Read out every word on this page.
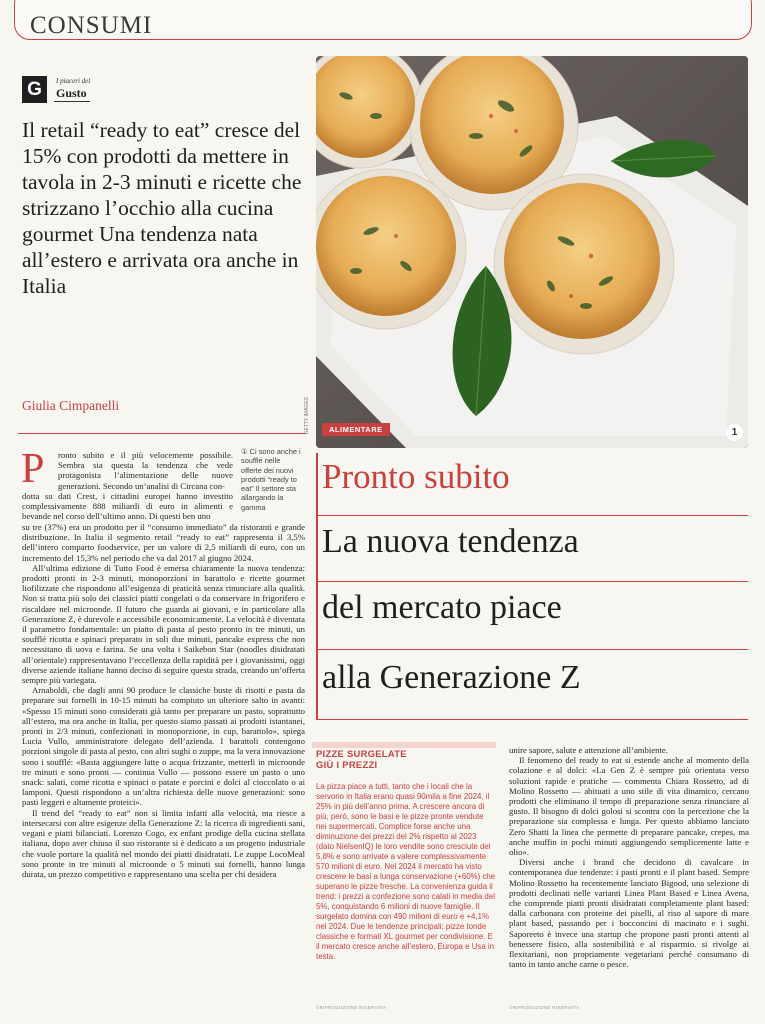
CONSUMI
G	I piaceri del
Gusto
Il retail “ready to eat” cresce del 15% con prodotti da mettere in tavola in 2-3 minuti e ricette che strizzano l’occhio alla cucina gourmet Una tendenza nata all’estero e arrivata ora anche in Italia
Giulia Cimpanelli	GETTY IMAGES	ALIMENTARE	1
① Ci sono anche i soufflé nelle offerte dei nuovi prodotti “ready to eat” Il settore sta allargando la gamma
Pronto subito
La nuova tendenza
del mercato piace
alla Generazione Z
P ronto subito e il più velocemente possibile. Sembra sia questa la tendenza che vede protagonista l’alimentazione delle nuove generazioni. Secondo un’analisi di Circana con-

dotta su dati Crest, i cittadini europei hanno investito complessivamente 888 miliardi di euro in alimenti e bevande nel corso dell’ultimo anno. Di questi ben uno

su tre (37%) era un prodotto per il “consumo immediato” da ristoranti e grande distribuzione. In Italia il segmento retail “ready to eat” rappresenta il 3,5% dell’intero comparto foodservice, per un valore di 2,5 miliardi di euro, con un incremento del 15,3% nel periodo che va dal 2017 al giugno 2024.

All’ultima edizione di Tutto Food è emersa chiaramente la nuova tendenza: prodotti pronti in 2-3 minuti, monoporzioni in barattolo e ricette gourmet liofilizzate che rispondono all’esigenza di praticità senza rinunciare alla qualità. Non si tratta più solo dei classici piatti congelati o da conservare in frigorifero e riscaldare nel microonde. Il futuro che guarda ai giovani, e in particolare alla Generazione Z, è durevole e accessibile economicamente. La velocità è diventata il parametro fondamentale: un piatto di pasta al pesto pronto in tre minuti, un soufflé ricotta e spinaci preparato in soli due minuti, pancake express che non necessitano di uova e farina. Se una volta i Saikebon Star (noodles disidratati all’orientale) rappresentavano l’eccellenza della rapidità per i giovanissimi, oggi diverse aziende italiane hanno deciso di seguire questa strada, creando un’offerta sempre più variegata.

Arnaboldi, che dagli anni 90 produce le classiche buste di risotti e pasta da preparare sui fornelli in 10-15 minuti ha compiuto un ulteriore salto in avanti: «Spesso 15 minuti sono considerati già tanto per preparare un pasto, soprattutto all’estero, ma ora anche in Italia, per questo siamo passati ai prodotti istantanei, pronti in 2/3 minuti, confezionati in monoporzione, in cup, barattolo», spiega Lucia Vullo, amministratore delegato dell’azienda. I barattoli contengono porzioni singole di pasta al pesto, con altri sughi o zuppe, ma la vera innovazione sono i soufflé: «Basta aggiungere latte o acqua frizzante, metterli in microonde tre minuti e sono pronti — continua Vullo — possono essere un pasto o uno snack: salati, come ricotta e spinaci o patate e porcini e dolci al cioccolato o ai lamponi. Questi rispondono a un’altra richiesta delle nuove generazioni: sono pasti leggeri e altamente proteici».

Il trend del “ready to eat” non si limita infatti alla velocità, ma riesce a intersecarsi con altre esigenze della Generazione Z: la ricerca di ingredienti sani, vegani e piatti bilanciati. Lorenzo Cogo, ex enfant prodige della cucina stellata italiana, dopo aver chiuso il suo ristorante si è dedicato a un progetto industriale che vuole portare la qualità nel mondo dei piatti disidratati. Le zuppe LocoMeal sono pronte in tre minuti al microonde o 5 minuti sui fornelli, hanno lunga durata, un prezzo competitivo e rappresentano una scelta per chi desidera

PIZZE SURGELATE
GIÙ I PREZZI
La pizza piace a tutti, tanto che i locali che la servono in Italia erano quasi 90mila a fine 2024, il 25% in più dell’anno prima. A crescere ancora di più, però, sono le basi e le pizze pronte vendute nei supermercati. Complice forse anche una diminuzione dei prezzi del 2% rispetto al 2023 (dato NielsenIQ) le loro vendite sono cresciute del 5,8% e sono arrivate a valere complessivamente 570 milioni di euro. Nel 2024 il mercato ha visto crescere le basi a lunga conservazione (+60%) che superano le pizze fresche. La convenienza guida il trend: i prezzi a confezione sono calati in media del 5%, conquistando 6 milioni di nuove famiglie. Il surgelato domina con 490 milioni di euro e +4,1% nel 2024. Due le tendenze principali: pizze tonde classiche e formati XL gourmet per condivisione. E il mercato cresce anche all’estero, Europa e Usa in testa.
©RIPRODUZIONE RISERVATA

unire sapore, salute e attenzione all’ambiente.

Il fenomeno del ready to eat si estende anche al momento della colazione e al dolci: «La Gen Z è sempre più orientata verso soluzioni rapide e pratiche — commenta Chiara Rossetto, ad di Molino Rossetto — abituati a uno stile di vita dinamico, cercano prodotti che eliminano il tempo di preparazione senza rinunciare al gusto. Il bisogno di dolci golosi si scontra con la percezione che la preparazione sia complessa e lunga. Per questo abbiamo lanciato Zero Shatti la linea che permette di preparare pancake, crepes, ma anche muffin in pochi minuti aggiungendo semplicemente latte e olio».

Diversi anche i brand che decidono di cavalcare in contemporanea due tendenze: i pasti pronti e il plant based. Sempre Molino Rossetto ha recentemente lanciato Bigood, una selezione di prodotti declinati nelle varianti Linea Plant Based e Linea Avena, che comprende piatti pronti disidratati completamente plant based: dalla carbonara con proteine dei piselli, al riso al sapore di mare plant based, passando per i bocconcini di macinato e i sughi. Saporeeto è invece una startup che propone pasti pronti attenti al benessere fisico, alla sostenibilità e al risparmio. si rivolge ai flexitariani, non propriamente vegetariani perché consumano di tanto in tanto anche carne o pesce.

©RIPRODUZIONE RISERVATA
